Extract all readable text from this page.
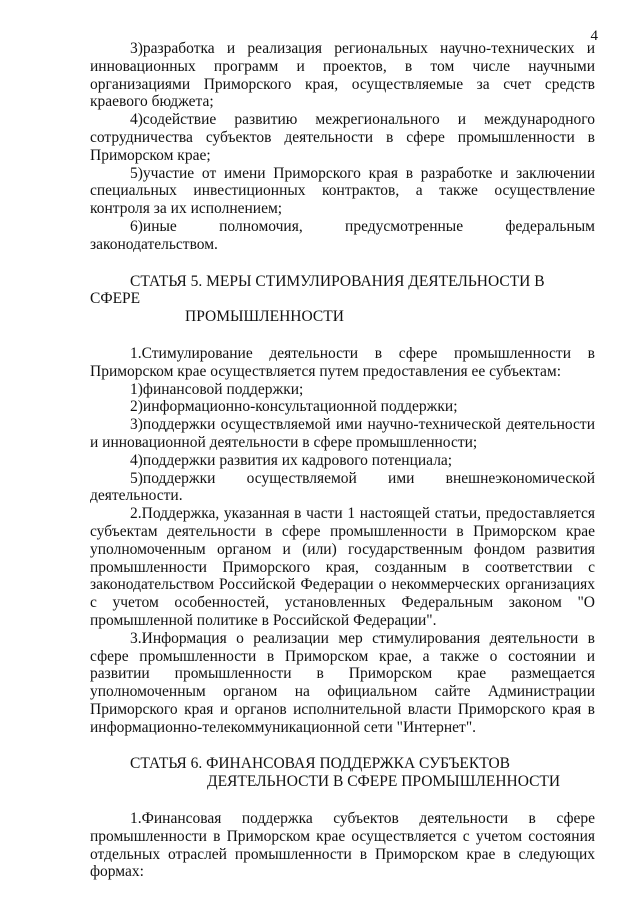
4

3)разработка и реализация региональных научно-технических и инновационных программ и проектов, в том числе научными организациями Приморского края, осуществляемые за счет средств краевого бюджета;

4)содействие развитию межрегионального и международного сотрудничества субъектов деятельности в сфере промышленности в Приморском крае;

5)участие от имени Приморского края в разработке и заключении специальных инвестиционных контрактов, а также осуществление контроля за их исполнением;

6)иные полномочия, предусмотренные федеральным законодательством.

СТАТЬЯ 5. МЕРЫ СТИМУЛИРОВАНИЯ ДЕЯТЕЛЬНОСТИ В СФЕРЕ
ПРОМЫШЛЕННОСТИ

1.Стимулирование деятельности в сфере промышленности в Приморском крае осуществляется путем предоставления ее субъектам:

1)финансовой поддержки;

2)информационно-консультационной поддержки;

3)поддержки осуществляемой ими научно-технической деятельности и инновационной деятельности в сфере промышленности;

4)поддержки развития их кадрового потенциала;

5)поддержки осуществляемой ими внешнеэкономической деятельности.

2.Поддержка, указанная в части 1 настоящей статьи, предоставляется субъектам деятельности в сфере промышленности в Приморском крае уполномоченным органом и (или) государственным фондом развития промышленности Приморского края, созданным в соответствии с законодательством Российской Федерации о некоммерческих организациях с учетом особенностей, установленных Федеральным законом "О промышленной политике в Российской Федерации".

3.Информация о реализации мер стимулирования деятельности в сфере промышленности в Приморском крае, а также о состоянии и развитии промышленности в Приморском крае размещается уполномоченным органом на официальном сайте Администрации Приморского края и органов исполнительной власти Приморского края в информационно-телекоммуникационной сети "Интернет".

СТАТЬЯ 6. ФИНАНСОВАЯ ПОДДЕРЖКА СУБЪЕКТОВ
ДЕЯТЕЛЬНОСТИ В СФЕРЕ ПРОМЫШЛЕННОСТИ

1.Финансовая поддержка субъектов деятельности в сфере промышленности в Приморском крае осуществляется с учетом состояния отдельных отраслей промышленности в Приморском крае в следующих формах:
